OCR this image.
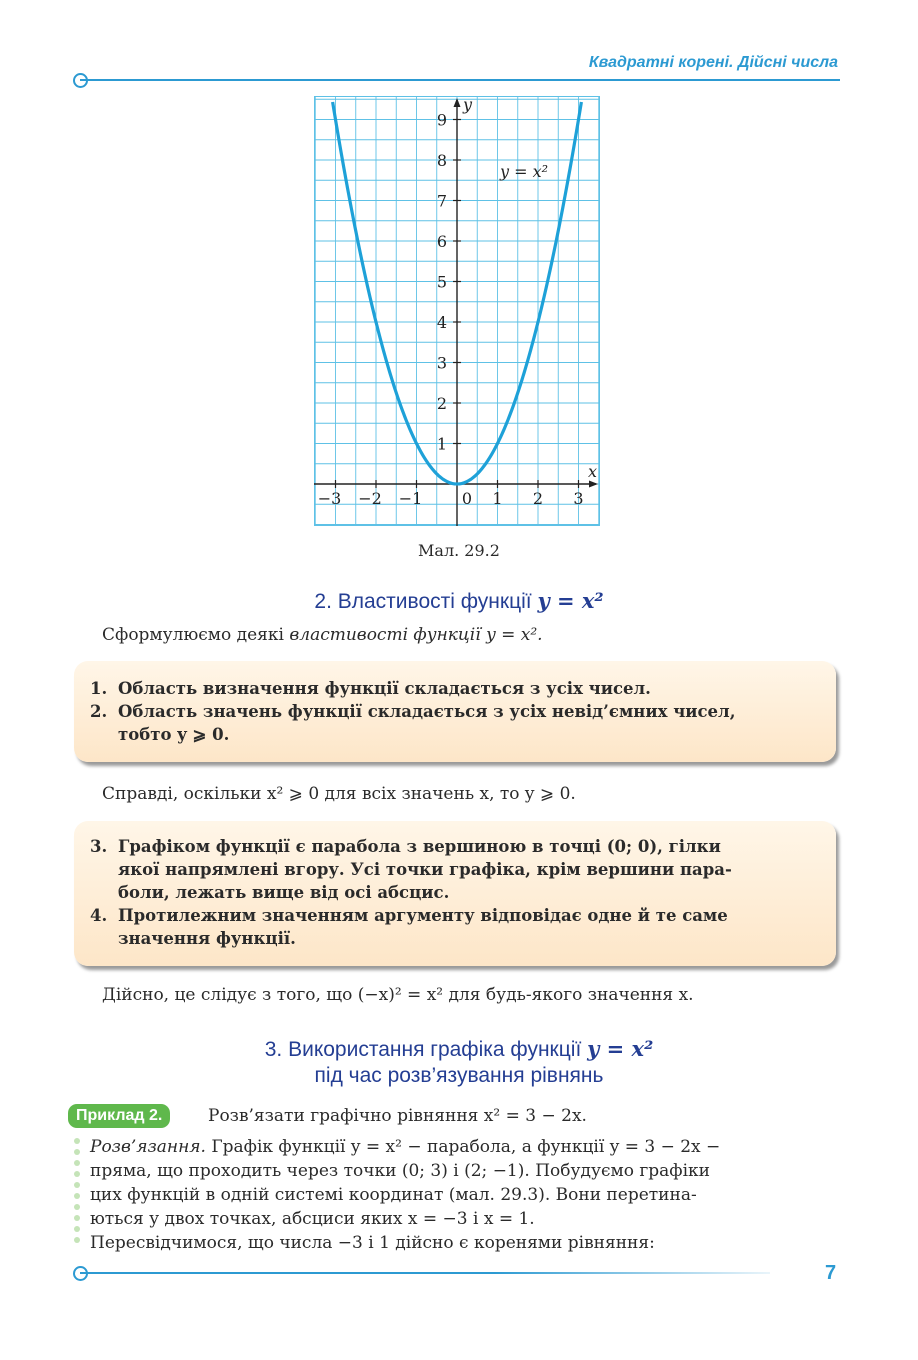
Квадратні корені. Дійсні числа
x
y
−3 −2 −1 0 1 2 3
1
2
3
4
5
6
7
8
9
y = x²
Мал. 29.2
2. Властивості функції y = x²
Сформулюємо деякі властивості функції y = x².
1. Область визначення функції складається з усіх чисел.
2. Область значень функції складається з усіх невід’ємних чисел,
тобто y ⩾ 0.
Справді, оскільки x² ⩾ 0 для всіх значень x, то y ⩾ 0.
3. Графіком функції є парабола з вершиною в точці (0; 0), гілки
якої напрямлені вгору. Усі точки графіка, крім вершини пара-
боли, лежать вище від осі абсцис.
4. Протилежним значенням аргументу відповідає одне й те саме
значення функції.
Дійсно, це слідує з того, що (−x)² = x² для будь-якого значення x.
3. Використання графіка функції y = x²
під час розв’язування рівнянь
Приклад 2.	Розв’язати графічно рівняння x² = 3 − 2x.
Розв’язання. Графік функції y = x² − парабола, а функції y = 3 − 2x −
пряма, що проходить через точки (0; 3) і (2; −1). Побудуємо графіки
цих функцій в одній системі координат (мал. 29.3). Вони перетина-
ються у двох точках, абсциси яких x = −3 і x = 1.
Пересвідчимося, що числа −3 і 1 дійсно є коренями рівняння:
7
